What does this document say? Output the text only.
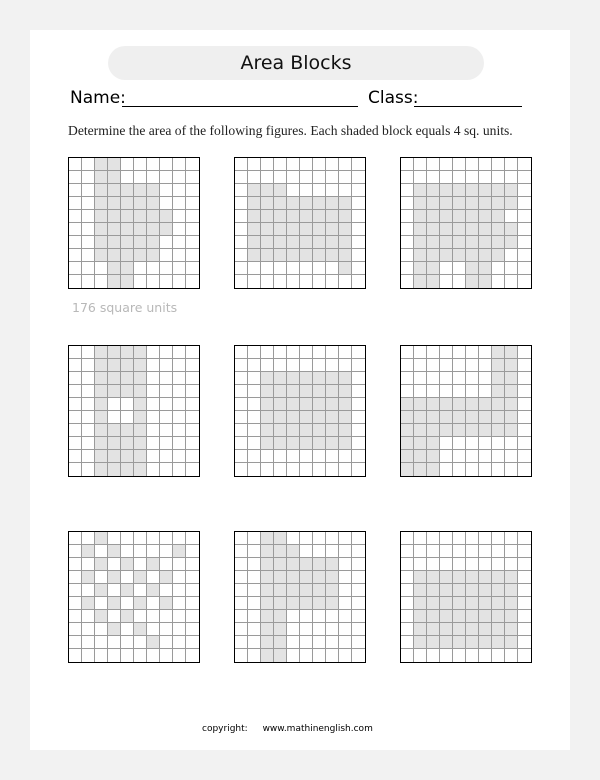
Area Blocks
Name:	Class:
Determine the area of the following figures. Each shaded block equals 4 sq. units.
176 square units
copyright: www.mathinenglish.com
